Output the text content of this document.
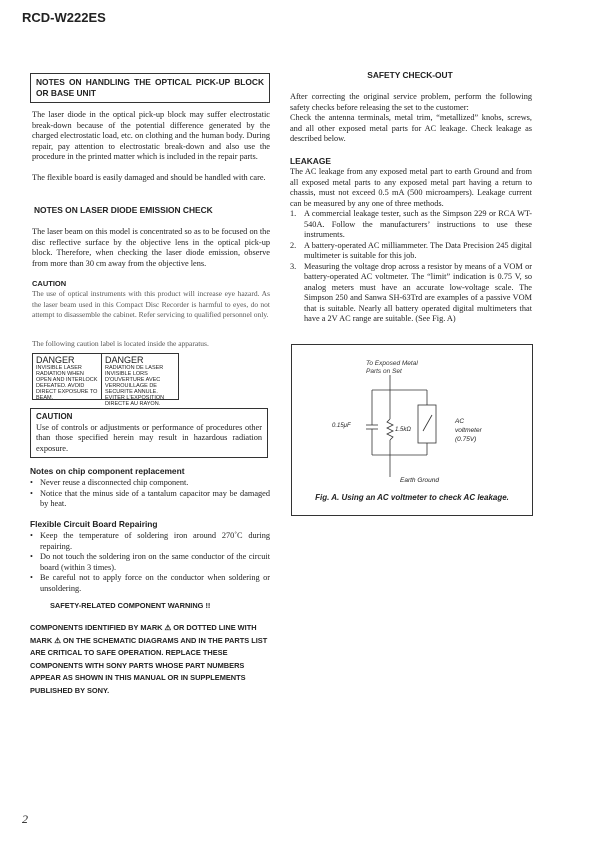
RCD-W222ES
NOTES ON HANDLING THE OPTICAL PICK-UP BLOCK OR BASE UNIT

The laser diode in the optical pick-up block may suffer electrostatic break-down because of the potential difference generated by the charged electrostatic load, etc. on clothing and the human body. During repair, pay attention to electrostatic break-down and also use the procedure in the printed matter which is included in the repair parts.

The flexible board is easily damaged and should be handled with care.

NOTES ON LASER DIODE EMISSION CHECK

The laser beam on this model is concentrated so as to be focused on the disc reflective surface by the objective lens in the optical pick-up block. Therefore, when checking the laser diode emission, observe from more than 30 cm away from the objective lens.

CAUTION

The use of optical instruments with this product will increase eye hazard. As the laser beam used in this Compact Disc Recorder is harmful to eyes, do not attempt to disassemble the cabinet. Refer servicing to qualified personnel only.

The following caution label is located inside the apparatus.

DANGER
INVISIBLE LASER RADIATION WHEN OPEN AND INTERLOCK DEFEATED. AVOID DIRECT EXPOSURE TO BEAM.
DANGER
RADIATION DE LASER INVISIBLE LORS D'OUVERTURE AVEC VERROUILLAGE DE SECURITE ANNULE. EVITER L'EXPOSITION DIRECTE AU RAYON.
CAUTION

Use of controls or adjustments or performance of procedures other than those specified herein may result in hazardous radiation exposure.

Notes on chip component replacement
• Never reuse a disconnected chip component.
• Notice that the minus side of a tantalum capacitor may be damaged by heat.
Flexible Circuit Board Repairing
• Keep the temperature of soldering iron around 270˚C during repairing.
• Do not touch the soldering iron on the same conductor of the circuit board (within 3 times).
• Be careful not to apply force on the conductor when soldering or unsoldering.
SAFETY-RELATED COMPONENT WARNING !!

COMPONENTS IDENTIFIED BY MARK ⚠ OR DOTTED LINE WITH MARK ⚠ ON THE SCHEMATIC DIAGRAMS AND IN THE PARTS LIST ARE CRITICAL TO SAFE OPERATION. REPLACE THESE COMPONENTS WITH SONY PARTS WHOSE PART NUMBERS APPEAR AS SHOWN IN THIS MANUAL OR IN SUPPLEMENTS PUBLISHED BY SONY.

SAFETY CHECK-OUT

After correcting the original service problem, perform the following safety checks before releasing the set to the customer:

Check the antenna terminals, metal trim, “metallized” knobs, screws, and all other exposed metal parts for AC leakage. Check leakage as described below.

LEAKAGE

The AC leakage from any exposed metal part to earth Ground and from all exposed metal parts to any exposed metal part having a return to chassis, must not exceed 0.5 mA (500 microampers). Leakage current can be measured by any one of three methods.

1. A commercial leakage tester, such as the Simpson 229 or RCA WT-540A. Follow the manufacturers’ instructions to use these instruments.
2. A battery-operated AC milliammeter. The Data Precision 245 digital multimeter is suitable for this job.
3. Measuring the voltage drop across a resistor by means of a VOM or battery-operated AC voltmeter. The “limit” indication is 0.75 V, so analog meters must have an accurate low-voltage scale. The Simpson 250 and Sanwa SH-63Trd are examples of a passive VOM that is suitable. Nearly all battery operated digital multimeters that have a 2V AC range are suitable. (See Fig. A)
To Exposed Metal
Parts on Set
0.15μF
1.5kΩ
AC
voltmeter
(0.75V)
Earth Ground
Fig. A. Using an AC voltmeter to check AC leakage.
2
